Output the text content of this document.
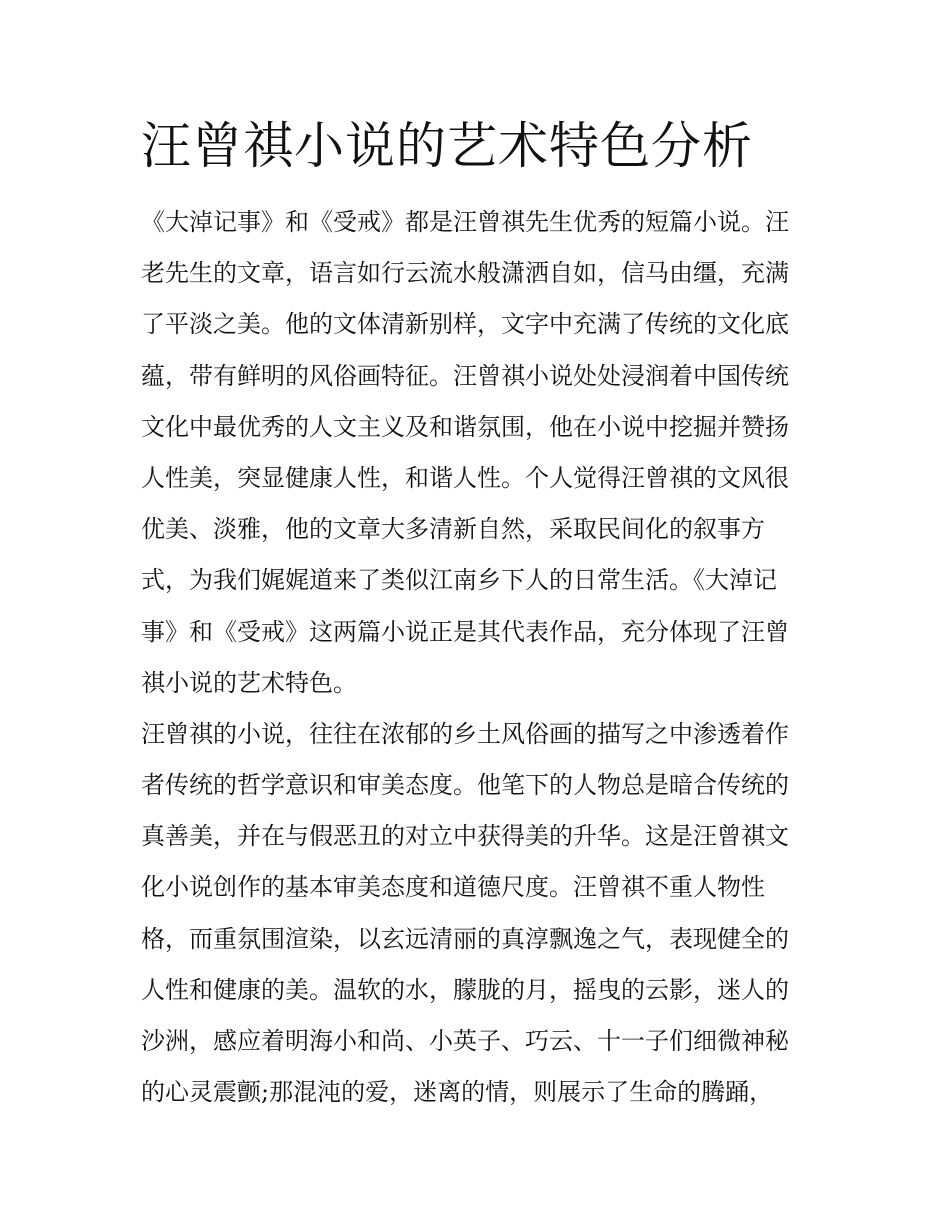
汪曾祺小说的艺术特色分析
《大淖记事》和《受戒》都是汪曾祺先生优秀的短篇小说。汪
老先生的文章，语言如行云流水般潇洒自如，信马由缰，充满
了平淡之美。他的文体清新别样，文字中充满了传统的文化底
蕴，带有鲜明的风俗画特征。汪曾祺小说处处浸润着中国传统
文化中最优秀的人文主义及和谐氛围，他在小说中挖掘并赞扬
人性美，突显健康人性，和谐人性。个人觉得汪曾祺的文风很
优美、淡雅，他的文章大多清新自然，采取民间化的叙事方
式，为我们娓娓道来了类似江南乡下人的日常生活。《大淖记
事》和《受戒》这两篇小说正是其代表作品，充分体现了汪曾
祺小说的艺术特色。
汪曾祺的小说，往往在浓郁的乡土风俗画的描写之中渗透着作
者传统的哲学意识和审美态度。他笔下的人物总是暗合传统的
真善美，并在与假恶丑的对立中获得美的升华。这是汪曾祺文
化小说创作的基本审美态度和道德尺度。汪曾祺不重人物性
格，而重氛围渲染，以玄远清丽的真淳飘逸之气，表现健全的
人性和健康的美。温软的水，朦胧的月，摇曳的云影，迷人的
沙洲，感应着明海小和尚、小英子、巧云、十一子们细微神秘
的心灵震颤;那混沌的爱，迷离的情，则展示了生命的腾踊，
